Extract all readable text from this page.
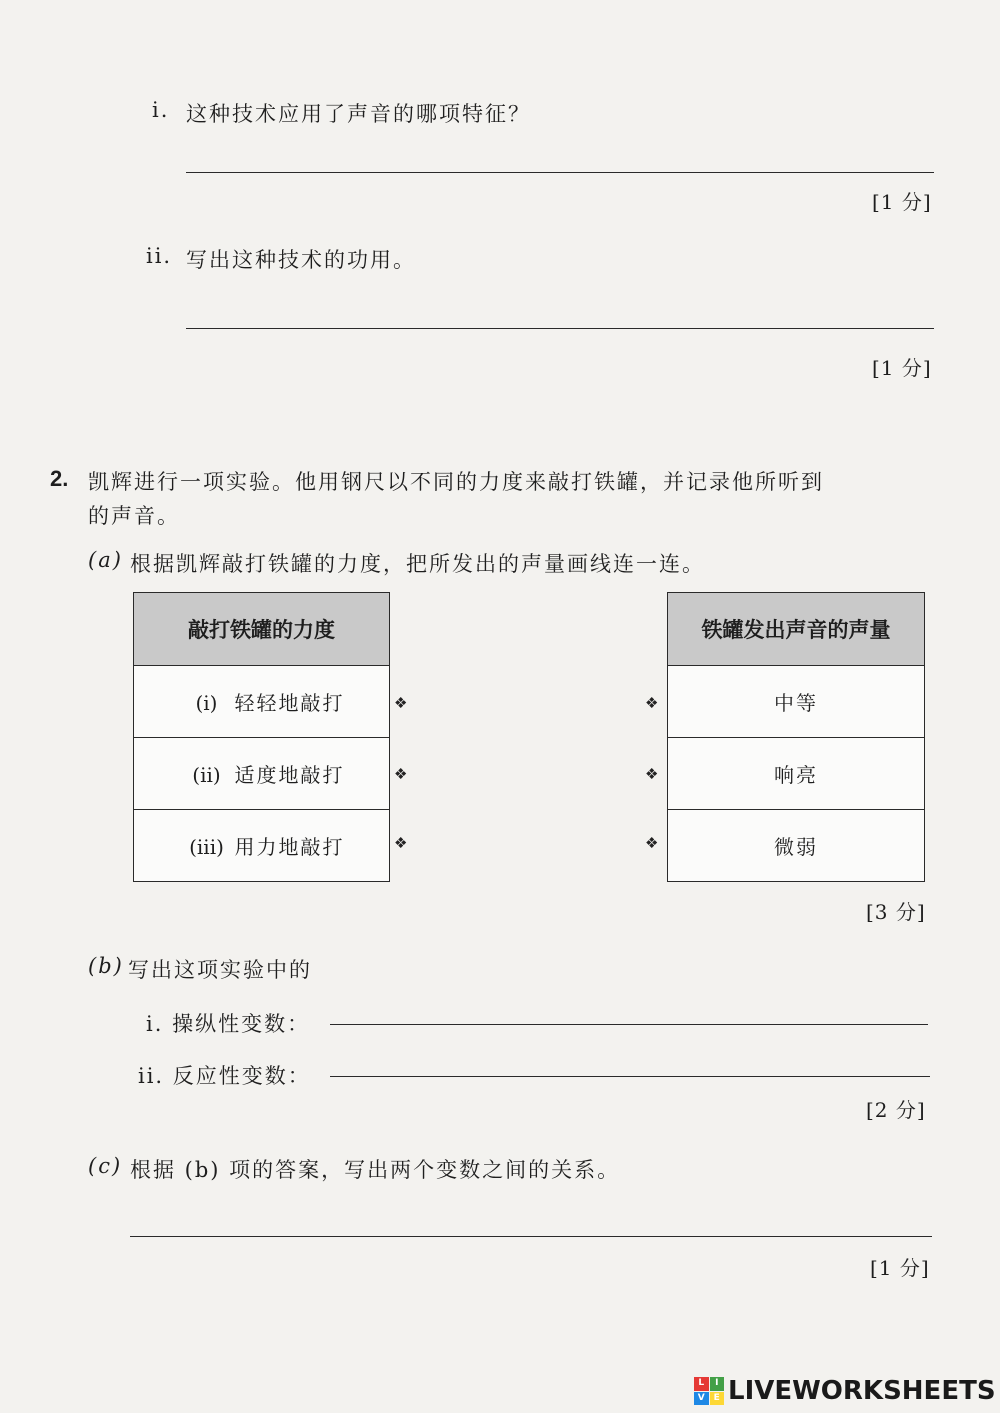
i. 这种技术应用了声音的哪项特征？
[1 分]
ii. 写出这种技术的功用。
[1 分]
2. 凯辉进行一项实验。他用钢尺以不同的力度来敲打铁罐，并记录他所听到
的声音。
(a) 根据凯辉敲打铁罐的力度，把所发出的声量画线连一连。
敲打铁罐的力度
(i) 轻轻地敲打
(ii) 适度地敲打
(iii) 用力地敲打
铁罐发出声音的声量
中等
响亮
微弱
❖
❖
❖
❖
❖
❖
[3 分]
(b) 写出这项实验中的
i. 操纵性变数：
ii. 反应性变数：
[2 分]
(c) 根据 (b) 项的答案，写出两个变数之间的关系。
[1 分]
L	I
V E LIVEWORKSHEETS
